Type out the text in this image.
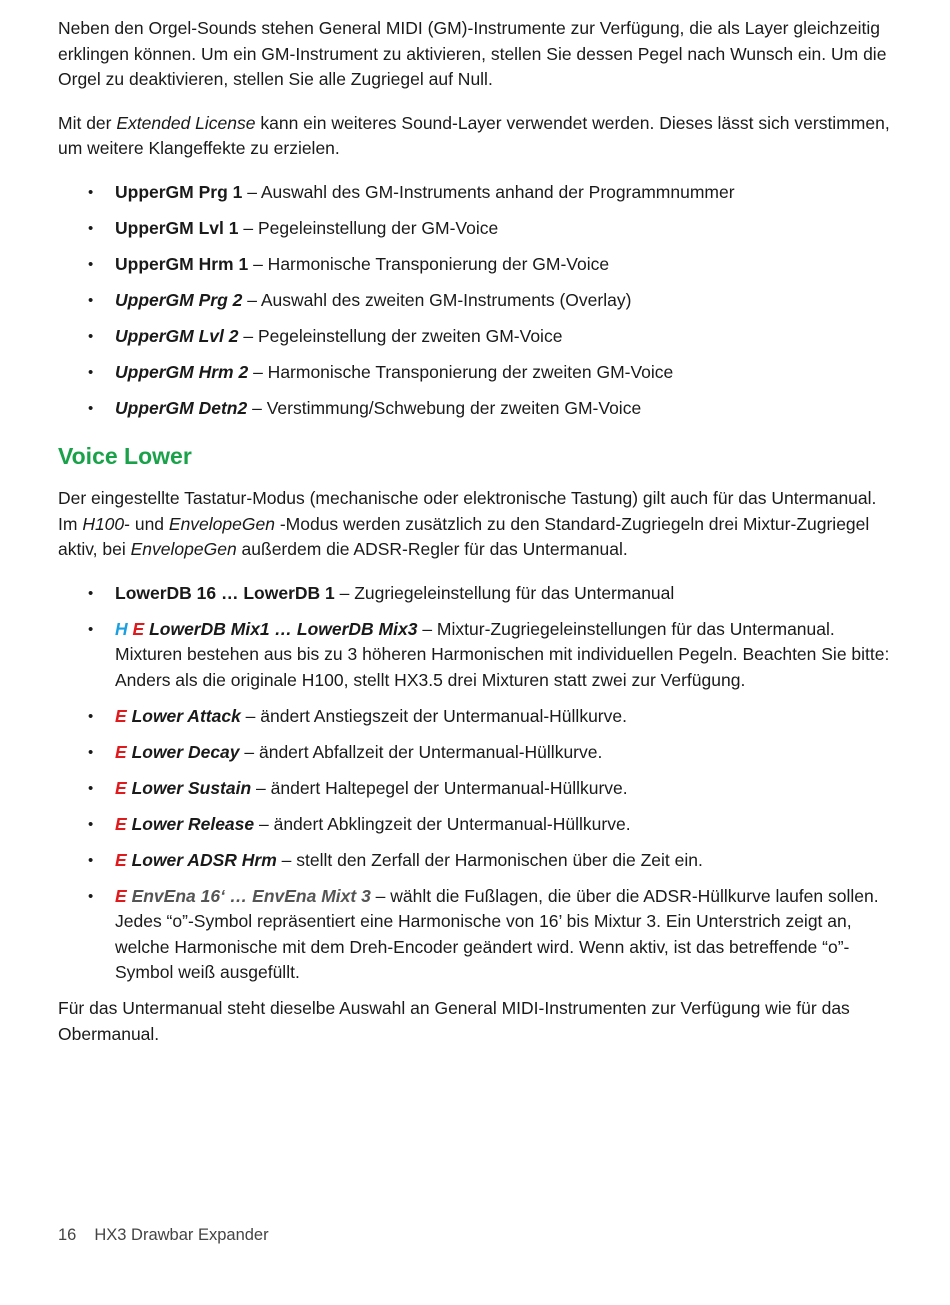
Neben den Orgel-Sounds stehen General MIDI (GM)-Instrumente zur Verfügung, die als Layer gleichzeitig erklingen können. Um ein GM-Instrument zu aktivieren, stellen Sie dessen Pegel nach Wunsch ein. Um die Orgel zu deaktivieren, stellen Sie alle Zugriegel auf Null.

Mit der Extended License kann ein weiteres Sound-Layer verwendet werden. Dieses lässt sich verstimmen, um weitere Klangeffekte zu erzielen.

• UpperGM Prg 1 – Auswahl des GM-Instruments anhand der Programmnummer
• UpperGM Lvl 1 – Pegeleinstellung der GM-Voice
• UpperGM Hrm 1 – Harmonische Transponierung der GM-Voice
• UpperGM Prg 2 – Auswahl des zweiten GM-Instruments (Overlay)
• UpperGM Lvl 2 – Pegeleinstellung der zweiten GM-Voice
• UpperGM Hrm 2 – Harmonische Transponierung der zweiten GM-Voice
• UpperGM Detn2 – Verstimmung/Schwebung der zweiten GM-Voice
Voice Lower

Der eingestellte Tastatur-Modus (mechanische oder elektronische Tastung) gilt auch für das Untermanual. Im H100- und EnvelopeGen -Modus werden zusätzlich zu den Standard-Zugriegeln drei Mixtur-Zugriegel aktiv, bei EnvelopeGen außerdem die ADSR-Regler für das Untermanual.

• LowerDB 16 … LowerDB 1 – Zugriegeleinstellung für das Untermanual
• H E LowerDB Mix1 … LowerDB Mix3 – Mixtur-Zugriegeleinstellungen für das Untermanual. Mixturen bestehen aus bis zu 3 höheren Harmonischen mit individuellen Pegeln. Beachten Sie bitte: Anders als die originale H100, stellt HX3.5 drei Mixturen statt zwei zur Verfügung.
• E Lower Attack – ändert Anstiegszeit der Untermanual-Hüllkurve.
• E Lower Decay – ändert Abfallzeit der Untermanual-Hüllkurve.
• E Lower Sustain – ändert Haltepegel der Untermanual-Hüllkurve.
• E Lower Release – ändert Abklingzeit der Untermanual-Hüllkurve.
• E Lower ADSR Hrm – stellt den Zerfall der Harmonischen über die Zeit ein.
• E EnvEna 16‘ … EnvEna Mixt 3 – wählt die Fußlagen, die über die ADSR-Hüllkurve laufen sollen. Jedes “o”-Symbol repräsentiert eine Harmonische von 16’ bis Mixtur 3. Ein Unterstrich zeigt an, welche Harmonische mit dem Dreh-Encoder geändert wird. Wenn aktiv, ist das betreffende “o”-Symbol weiß ausgefüllt.

Für das Untermanual steht dieselbe Auswahl an General MIDI-Instrumenten zur Verfügung wie für das Obermanual.

16 HX3 Drawbar Expander
